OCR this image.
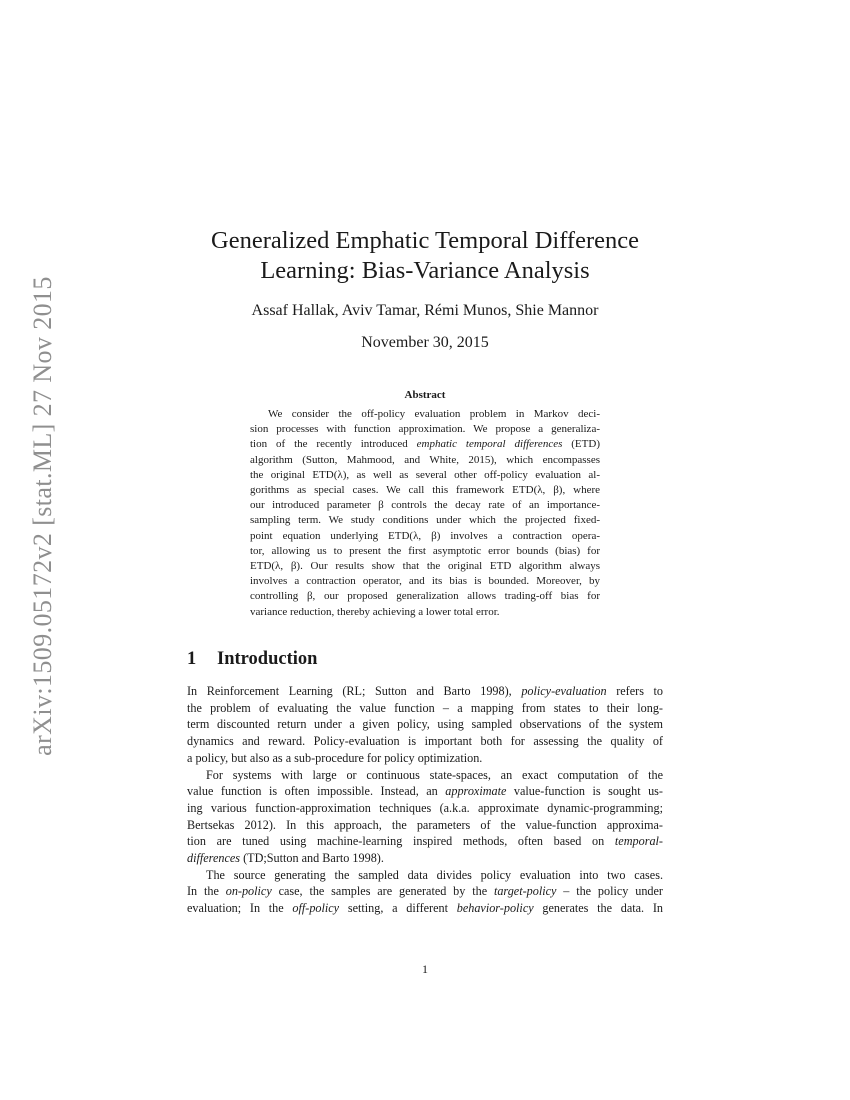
arXiv:1509.05172v2 [stat.ML] 27 Nov 2015
Generalized Emphatic Temporal Difference
Learning: Bias-Variance Analysis
Assaf Hallak, Aviv Tamar, Rémi Munos, Shie Mannor
November 30, 2015
Abstract
We consider the off-policy evaluation problem in Markov deci-
sion processes with function approximation. We propose a generaliza-
tion of the recently introduced emphatic temporal differences (ETD)
algorithm (Sutton, Mahmood, and White, 2015), which encompasses
the original ETD(λ), as well as several other off-policy evaluation al-
gorithms as special cases. We call this framework ETD(λ, β), where
our introduced parameter β controls the decay rate of an importance-
sampling term. We study conditions under which the projected fixed-
point equation underlying ETD(λ, β) involves a contraction opera-
tor, allowing us to present the first asymptotic error bounds (bias) for
ETD(λ, β). Our results show that the original ETD algorithm always
involves a contraction operator, and its bias is bounded. Moreover, by
controlling β, our proposed generalization allows trading-off bias for
variance reduction, thereby achieving a lower total error.
1 Introduction
In Reinforcement Learning (RL; Sutton and Barto 1998), policy-evaluation refers to
the problem of evaluating the value function – a mapping from states to their long-
term discounted return under a given policy, using sampled observations of the system
dynamics and reward. Policy-evaluation is important both for assessing the quality of
a policy, but also as a sub-procedure for policy optimization.
For systems with large or continuous state-spaces, an exact computation of the
value function is often impossible. Instead, an approximate value-function is sought us-
ing various function-approximation techniques (a.k.a. approximate dynamic-programming;
Bertsekas 2012). In this approach, the parameters of the value-function approxima-
tion are tuned using machine-learning inspired methods, often based on temporal-
differences (TD;Sutton and Barto 1998).
The source generating the sampled data divides policy evaluation into two cases.
In the on-policy case, the samples are generated by the target-policy – the policy under
evaluation; In the off-policy setting, a different behavior-policy generates the data. In
1
